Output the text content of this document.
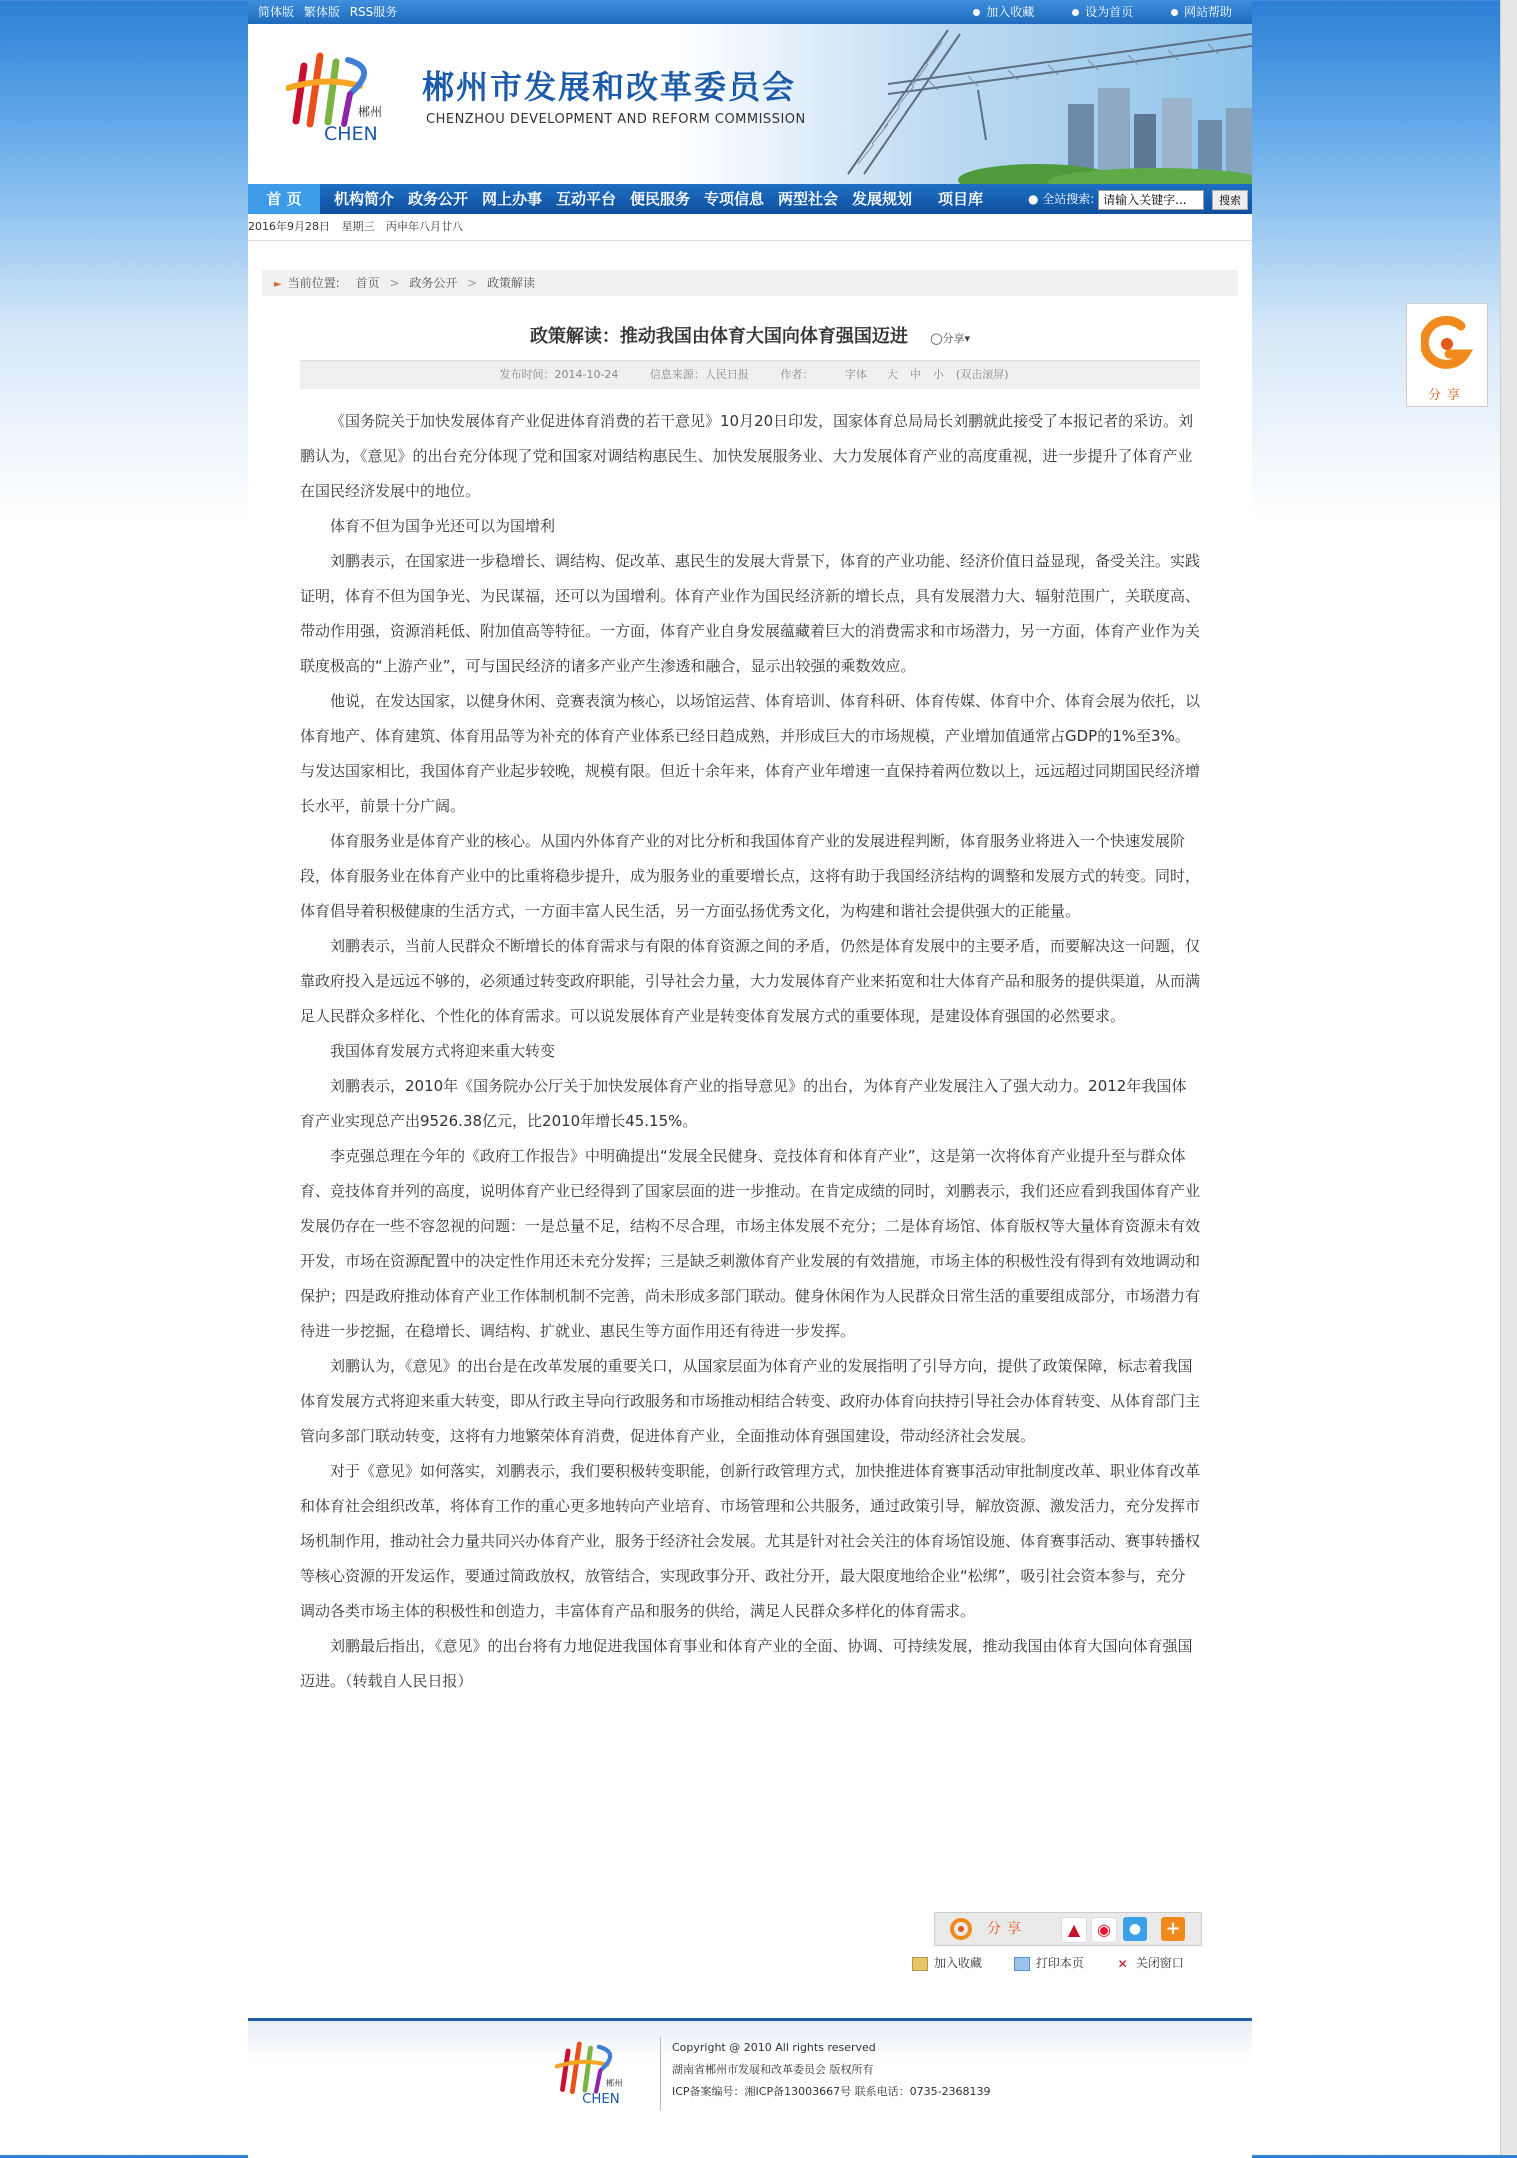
简体版 繁体版 RSS服务	加入收藏	设为首页	网站帮助
郴州
CHEN
郴州市发展和改革委员会
CHENZHOU DEVELOPMENT AND REFORM COMMISSION
首 页	机构简介 政务公开 网上办事 互动平台 便民服务 专项信息 两型社会 发展规划 项目库	● 全站搜索: 请输入关键字...	搜索
2016年9月28日 星期三 丙申年八月廿八
► 当前位置: 首页 > 政务公开 > 政策解读
政策解读：推动我国由体育大国向体育强国迈进 ◯分享▾
发布时间：2014-10-24	信息来源：人民日报	作者：	字体 大 中 小 (双击滚屏)

《国务院关于加快发展体育产业促进体育消费的若干意见》10月20日印发，国家体育总局局长刘鹏就此接受了本报记者的采访。刘鹏认为，《意见》的出台充分体现了党和国家对调结构惠民生、加快发展服务业、大力发展体育产业的高度重视，进一步提升了体育产业在国民经济发展中的地位。

体育不但为国争光还可以为国增利

刘鹏表示，在国家进一步稳增长、调结构、促改革、惠民生的发展大背景下，体育的产业功能、经济价值日益显现，备受关注。实践证明，体育不但为国争光、为民谋福，还可以为国增利。体育产业作为国民经济新的增长点，具有发展潜力大、辐射范围广，关联度高、带动作用强，资源消耗低、附加值高等特征。一方面，体育产业自身发展蕴藏着巨大的消费需求和市场潜力，另一方面，体育产业作为关联度极高的“上游产业”，可与国民经济的诸多产业产生渗透和融合，显示出较强的乘数效应。

他说，在发达国家，以健身休闲、竞赛表演为核心，以场馆运营、体育培训、体育科研、体育传媒、体育中介、体育会展为依托，以体育地产、体育建筑、体育用品等为补充的体育产业体系已经日趋成熟，并形成巨大的市场规模，产业增加值通常占GDP的1%至3%。与发达国家相比，我国体育产业起步较晚，规模有限。但近十余年来，体育产业年增速一直保持着两位数以上，远远超过同期国民经济增长水平，前景十分广阔。

体育服务业是体育产业的核心。从国内外体育产业的对比分析和我国体育产业的发展进程判断，体育服务业将进入一个快速发展阶段，体育服务业在体育产业中的比重将稳步提升，成为服务业的重要增长点，这将有助于我国经济结构的调整和发展方式的转变。同时，体育倡导着积极健康的生活方式，一方面丰富人民生活，另一方面弘扬优秀文化，为构建和谐社会提供强大的正能量。

刘鹏表示，当前人民群众不断增长的体育需求与有限的体育资源之间的矛盾，仍然是体育发展中的主要矛盾，而要解决这一问题，仅靠政府投入是远远不够的，必须通过转变政府职能，引导社会力量，大力发展体育产业来拓宽和壮大体育产品和服务的提供渠道，从而满足人民群众多样化、个性化的体育需求。可以说发展体育产业是转变体育发展方式的重要体现，是建设体育强国的必然要求。

我国体育发展方式将迎来重大转变

刘鹏表示，2010年《国务院办公厅关于加快发展体育产业的指导意见》的出台，为体育产业发展注入了强大动力。2012年我国体育产业实现总产出9526.38亿元，比2010年增长45.15%。

李克强总理在今年的《政府工作报告》中明确提出“发展全民健身、竞技体育和体育产业”，这是第一次将体育产业提升至与群众体育、竞技体育并列的高度，说明体育产业已经得到了国家层面的进一步推动。在肯定成绩的同时，刘鹏表示，我们还应看到我国体育产业发展仍存在一些不容忽视的问题：一是总量不足，结构不尽合理，市场主体发展不充分；二是体育场馆、体育版权等大量体育资源未有效开发，市场在资源配置中的决定性作用还未充分发挥；三是缺乏刺激体育产业发展的有效措施，市场主体的积极性没有得到有效地调动和保护；四是政府推动体育产业工作体制机制不完善，尚未形成多部门联动。健身休闲作为人民群众日常生活的重要组成部分，市场潜力有待进一步挖掘，在稳增长、调结构、扩就业、惠民生等方面作用还有待进一步发挥。

刘鹏认为，《意见》的出台是在改革发展的重要关口，从国家层面为体育产业的发展指明了引导方向，提供了政策保障，标志着我国体育发展方式将迎来重大转变，即从行政主导向行政服务和市场推动相结合转变、政府办体育向扶持引导社会办体育转变、从体育部门主管向多部门联动转变，这将有力地繁荣体育消费，促进体育产业，全面推动体育强国建设，带动经济社会发展。

对于《意见》如何落实，刘鹏表示，我们要积极转变职能，创新行政管理方式，加快推进体育赛事活动审批制度改革、职业体育改革和体育社会组织改革，将体育工作的重心更多地转向产业培育、市场管理和公共服务，通过政策引导，解放资源、激发活力，充分发挥市场机制作用，推动社会力量共同兴办体育产业，服务于经济社会发展。尤其是针对社会关注的体育场馆设施、体育赛事活动、赛事转播权等核心资源的开发运作，要通过简政放权，放管结合，实现政事分开、政社分开，最大限度地给企业“松绑”，吸引社会资本参与，充分调动各类市场主体的积极性和创造力，丰富体育产品和服务的供给，满足人民群众多样化的体育需求。

刘鹏最后指出，《意见》的出台将有力地促进我国体育事业和体育产业的全面、协调、可持续发展，推动我国由体育大国向体育强国迈进。（转载自人民日报）

分享	▲	◉	●	+
加入收藏	打印本页	✕ 关闭窗口
郴州
CHEN
Copyright @ 2010 All rights reserved
湖南省郴州市发展和改革委员会 版权所有
ICP备案编号：湘ICP备13003667号 联系电话：0735-2368139
分享
